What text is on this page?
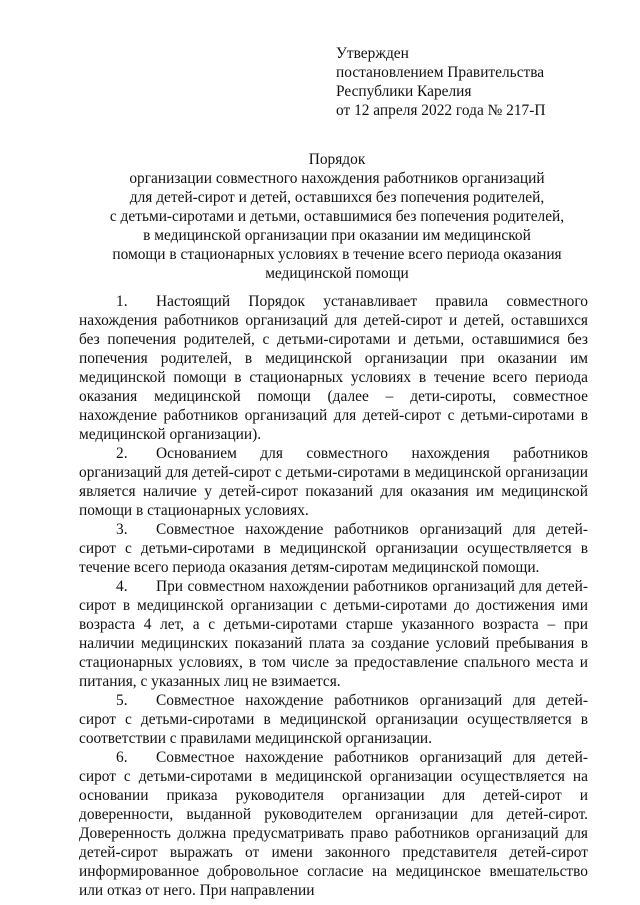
Утвержден
постановлением Правительства
Республики Карелия
от 12 апреля 2022 года № 217-П
Порядок
организации совместного нахождения работников организаций
для детей-сирот и детей, оставшихся без попечения родителей,
с детьми-сиротами и детьми, оставшимися без попечения родителей,
в медицинской организации при оказании им медицинской
помощи в стационарных условиях в течение всего периода оказания
медицинской помощи

1. Настоящий Порядок устанавливает правила совместного нахождения работников организаций для детей-сирот и детей, оставшихся без попечения родителей, с детьми-сиротами и детьми, оставшимися без попечения родителей, в медицинской организации при оказании им медицинской помощи в стационарных условиях в течение всего периода оказания медицинской помощи (далее – дети-сироты, совместное нахождение работников организаций для детей-сирот с детьми-сиротами в медицинской организации).

2. Основанием для совместного нахождения работников организаций для детей-сирот с детьми-сиротами в медицинской организации является наличие у детей-сирот показаний для оказания им медицинской помощи в стационарных условиях.

3. Совместное нахождение работников организаций для детей-сирот с детьми-сиротами в медицинской организации осуществляется в течение всего периода оказания детям-сиротам медицинской помощи.

4. При совместном нахождении работников организаций для детей-сирот в медицинской организации с детьми-сиротами до достижения ими возраста 4 лет, а с детьми-сиротами старше указанного возраста – при наличии медицинских показаний плата за создание условий пребывания в стационарных условиях, в том числе за предоставление спального места и питания, с указанных лиц не взимается.

5. Совместное нахождение работников организаций для детей-сирот с детьми-сиротами в медицинской организации осуществляется в соответствии с правилами медицинской организации.

6. Совместное нахождение работников организаций для детей-сирот с детьми-сиротами в медицинской организации осуществляется на основании приказа руководителя организации для детей-сирот и доверенности, выданной руководителем организации для детей-сирот. Доверенность должна предусматривать право работников организаций для детей-сирот выражать от имени законного представителя детей-сирот информированное добровольное согласие на медицинское вмешательство или отказ от него. При направлении
